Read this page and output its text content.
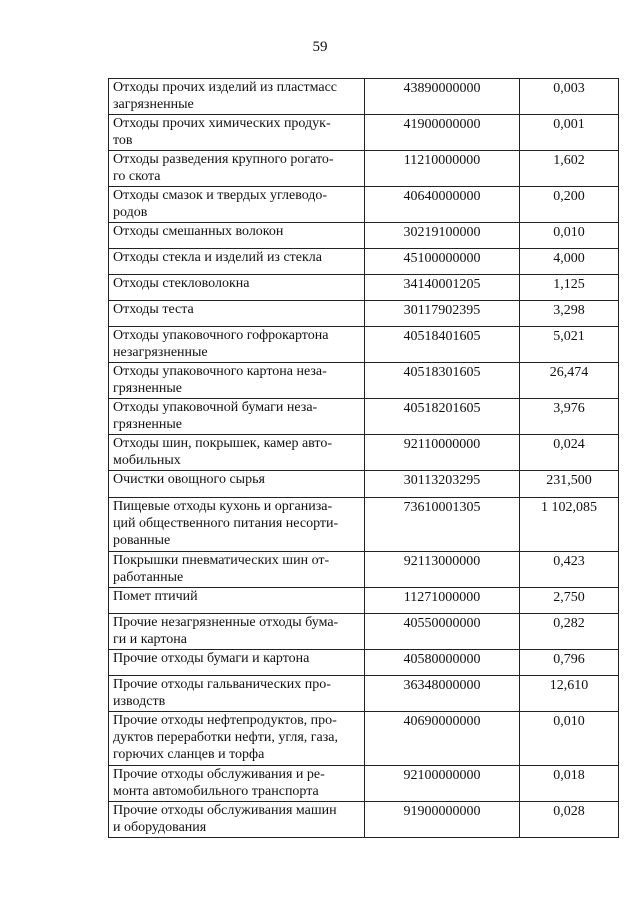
59
Отходы прочих изделий из пластмасс
загрязненные	43890000000	0,003

Отходы прочих химических продук-
тов	41900000000	0,001

Отходы разведения крупного рогато-
го скота	11210000000	1,602

Отходы смазок и твердых углеводо-
родов	40640000000	0,200

Отходы смешанных волокон	30219100000	0,010

Отходы стекла и изделий из стекла	45100000000	4,000

Отходы стекловолокна	34140001205	1,125

Отходы теста	30117902395	3,298

Отходы упаковочного гофрокартона
незагрязненные	40518401605	5,021

Отходы упаковочного картона неза-
грязненные	40518301605	26,474

Отходы упаковочной бумаги неза-
грязненные	40518201605	3,976

Отходы шин, покрышек, камер авто-
мобильных	92110000000	0,024

Очистки овощного сырья	30113203295	231,500

Пищевые отходы кухонь и организа-
ций общественного питания несорти-
рованные	73610001305	1 102,085

Покрышки пневматических шин от-
работанные	92113000000	0,423

Помет птичий	11271000000	2,750

Прочие незагрязненные отходы бума-
ги и картона	40550000000	0,282

Прочие отходы бумаги и картона	40580000000	0,796

Прочие отходы гальванических про-
изводств	36348000000	12,610

Прочие отходы нефтепродуктов, про-
дуктов переработки нефти, угля, газа,
горючих сланцев и торфа	40690000000	0,010

Прочие отходы обслуживания и ре-
монта автомобильного транспорта	92100000000	0,018

Прочие отходы обслуживания машин
и оборудования	91900000000	0,028
